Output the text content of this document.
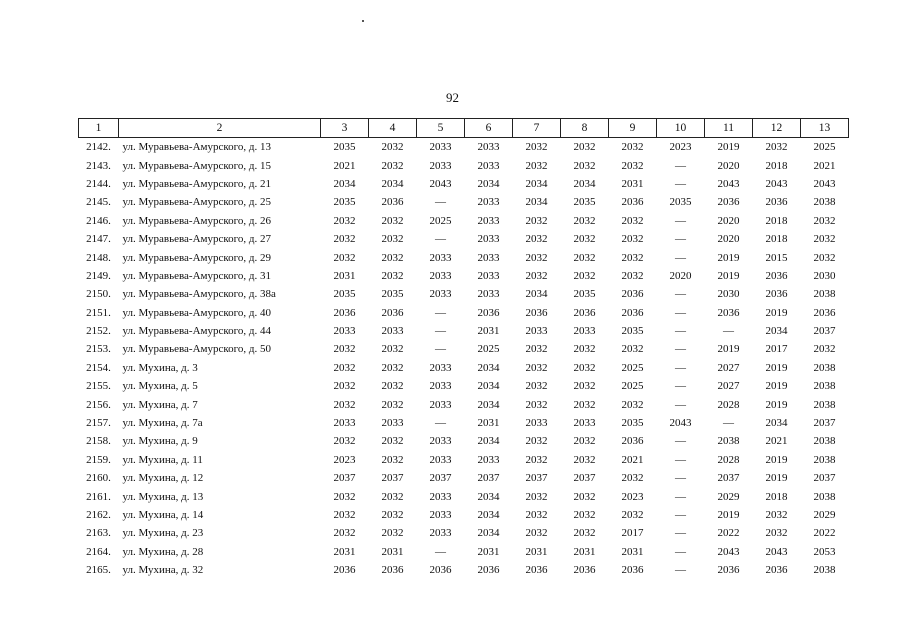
92
1	2	3	4	5	6	7	8	9	10	11	12	13
2142.	ул. Муравьева-Амурского, д. 13	2035	2032	2033	2033	2032	2032	2032	2023	2019	2032	2025
2143.	ул. Муравьева-Амурского, д. 15	2021	2032	2033	2033	2032	2032	2032	—	2020	2018	2021
2144.	ул. Муравьева-Амурского, д. 21	2034	2034	2043	2034	2034	2034	2031	—	2043	2043	2043
2145.	ул. Муравьева-Амурского, д. 25	2035	2036	—	2033	2034	2035	2036	2035	2036	2036	2038
2146.	ул. Муравьева-Амурского, д. 26	2032	2032	2025	2033	2032	2032	2032	—	2020	2018	2032
2147.	ул. Муравьева-Амурского, д. 27	2032	2032	—	2033	2032	2032	2032	—	2020	2018	2032
2148.	ул. Муравьева-Амурского, д. 29	2032	2032	2033	2033	2032	2032	2032	—	2019	2015	2032
2149.	ул. Муравьева-Амурского, д. 31	2031	2032	2033	2033	2032	2032	2032	2020	2019	2036	2030
2150.	ул. Муравьева-Амурского, д. 38а	2035	2035	2033	2033	2034	2035	2036	—	2030	2036	2038
2151.	ул. Муравьева-Амурского, д. 40	2036	2036	—	2036	2036	2036	2036	—	2036	2019	2036
2152.	ул. Муравьева-Амурского, д. 44	2033	2033	—	2031	2033	2033	2035	—	—	2034	2037
2153.	ул. Муравьева-Амурского, д. 50	2032	2032	—	2025	2032	2032	2032	—	2019	2017	2032
2154.	ул. Мухина, д. 3	2032	2032	2033	2034	2032	2032	2025	—	2027	2019	2038
2155.	ул. Мухина, д. 5	2032	2032	2033	2034	2032	2032	2025	—	2027	2019	2038
2156.	ул. Мухина, д. 7	2032	2032	2033	2034	2032	2032	2032	—	2028	2019	2038
2157.	ул. Мухина, д. 7а	2033	2033	—	2031	2033	2033	2035	2043	—	2034	2037
2158.	ул. Мухина, д. 9	2032	2032	2033	2034	2032	2032	2036	—	2038	2021	2038
2159.	ул. Мухина, д. 11	2023	2032	2033	2033	2032	2032	2021	—	2028	2019	2038
2160.	ул. Мухина, д. 12	2037	2037	2037	2037	2037	2037	2032	—	2037	2019	2037
2161.	ул. Мухина, д. 13	2032	2032	2033	2034	2032	2032	2023	—	2029	2018	2038
2162.	ул. Мухина, д. 14	2032	2032	2033	2034	2032	2032	2032	—	2019	2032	2029
2163.	ул. Мухина, д. 23	2032	2032	2033	2034	2032	2032	2017	—	2022	2032	2022
2164.	ул. Мухина, д. 28	2031	2031	—	2031	2031	2031	2031	—	2043	2043	2053
2165.	ул. Мухина, д. 32	2036	2036	2036	2036	2036	2036	2036	—	2036	2036	2038
